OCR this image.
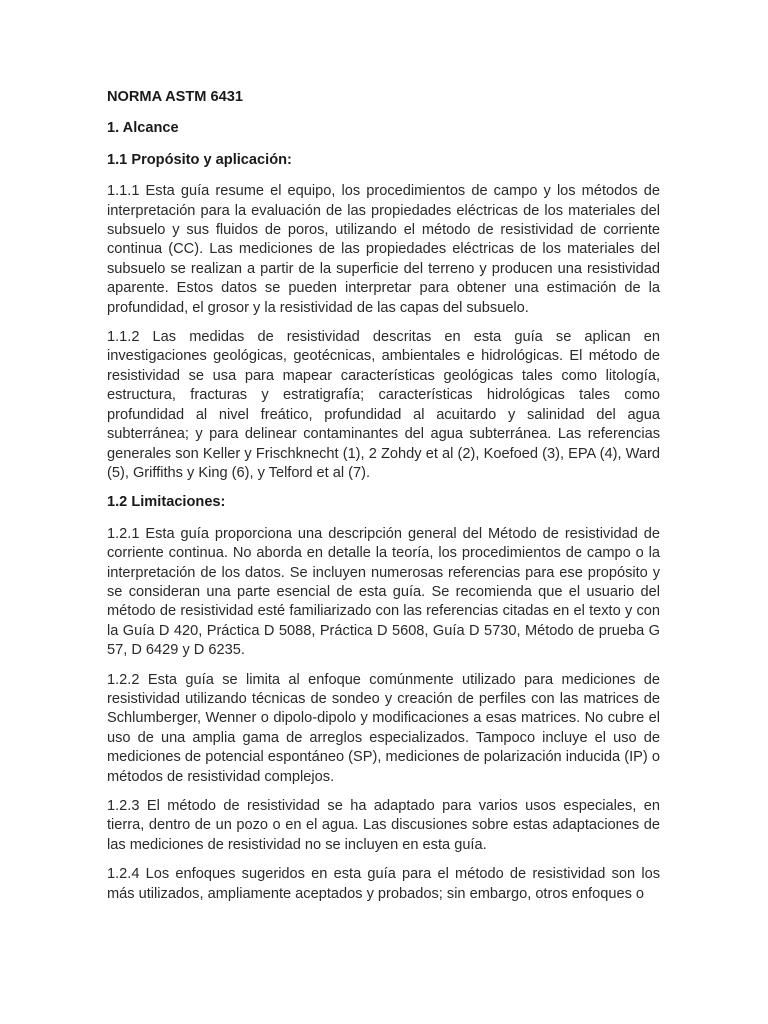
NORMA ASTM 6431
1. Alcance
1.1 Propósito y aplicación:

1.1.1 Esta guía resume el equipo, los procedimientos de campo y los métodos de interpretación para la evaluación de las propiedades eléctricas de los materiales del subsuelo y sus fluidos de poros, utilizando el método de resistividad de corriente continua (CC). Las mediciones de las propiedades eléctricas de los materiales del subsuelo se realizan a partir de la superficie del terreno y producen una resistividad aparente. Estos datos se pueden interpretar para obtener una estimación de la profundidad, el grosor y la resistividad de las capas del subsuelo.

1.1.2 Las medidas de resistividad descritas en esta guía se aplican en investigaciones geológicas, geotécnicas, ambientales e hidrológicas. El método de resistividad se usa para mapear características geológicas tales como litología, estructura, fracturas y estratigrafía; características hidrológicas tales como profundidad al nivel freático, profundidad al acuitardo y salinidad del agua subterránea; y para delinear contaminantes del agua subterránea. Las referencias generales son Keller y Frischknecht (1), 2 Zohdy et al (2), Koefoed (3), EPA (4), Ward (5), Griffiths y King (6), y Telford et al (7).

1.2 Limitaciones:

1.2.1 Esta guía proporciona una descripción general del Método de resistividad de corriente continua. No aborda en detalle la teoría, los procedimientos de campo o la interpretación de los datos. Se incluyen numerosas referencias para ese propósito y se consideran una parte esencial de esta guía. Se recomienda que el usuario del método de resistividad esté familiarizado con las referencias citadas en el texto y con la Guía D 420, Práctica D 5088, Práctica D 5608, Guía D 5730, Método de prueba G 57, D 6429 y D 6235.

1.2.2 Esta guía se limita al enfoque comúnmente utilizado para mediciones de resistividad utilizando técnicas de sondeo y creación de perfiles con las matrices de Schlumberger, Wenner o dipolo-dipolo y modificaciones a esas matrices. No cubre el uso de una amplia gama de arreglos especializados. Tampoco incluye el uso de mediciones de potencial espontáneo (SP), mediciones de polarización inducida (IP) o métodos de resistividad complejos.

1.2.3 El método de resistividad se ha adaptado para varios usos especiales, en tierra, dentro de un pozo o en el agua. Las discusiones sobre estas adaptaciones de las mediciones de resistividad no se incluyen en esta guía.

1.2.4 Los enfoques sugeridos en esta guía para el método de resistividad son los más utilizados, ampliamente aceptados y probados; sin embargo, otros enfoques o
